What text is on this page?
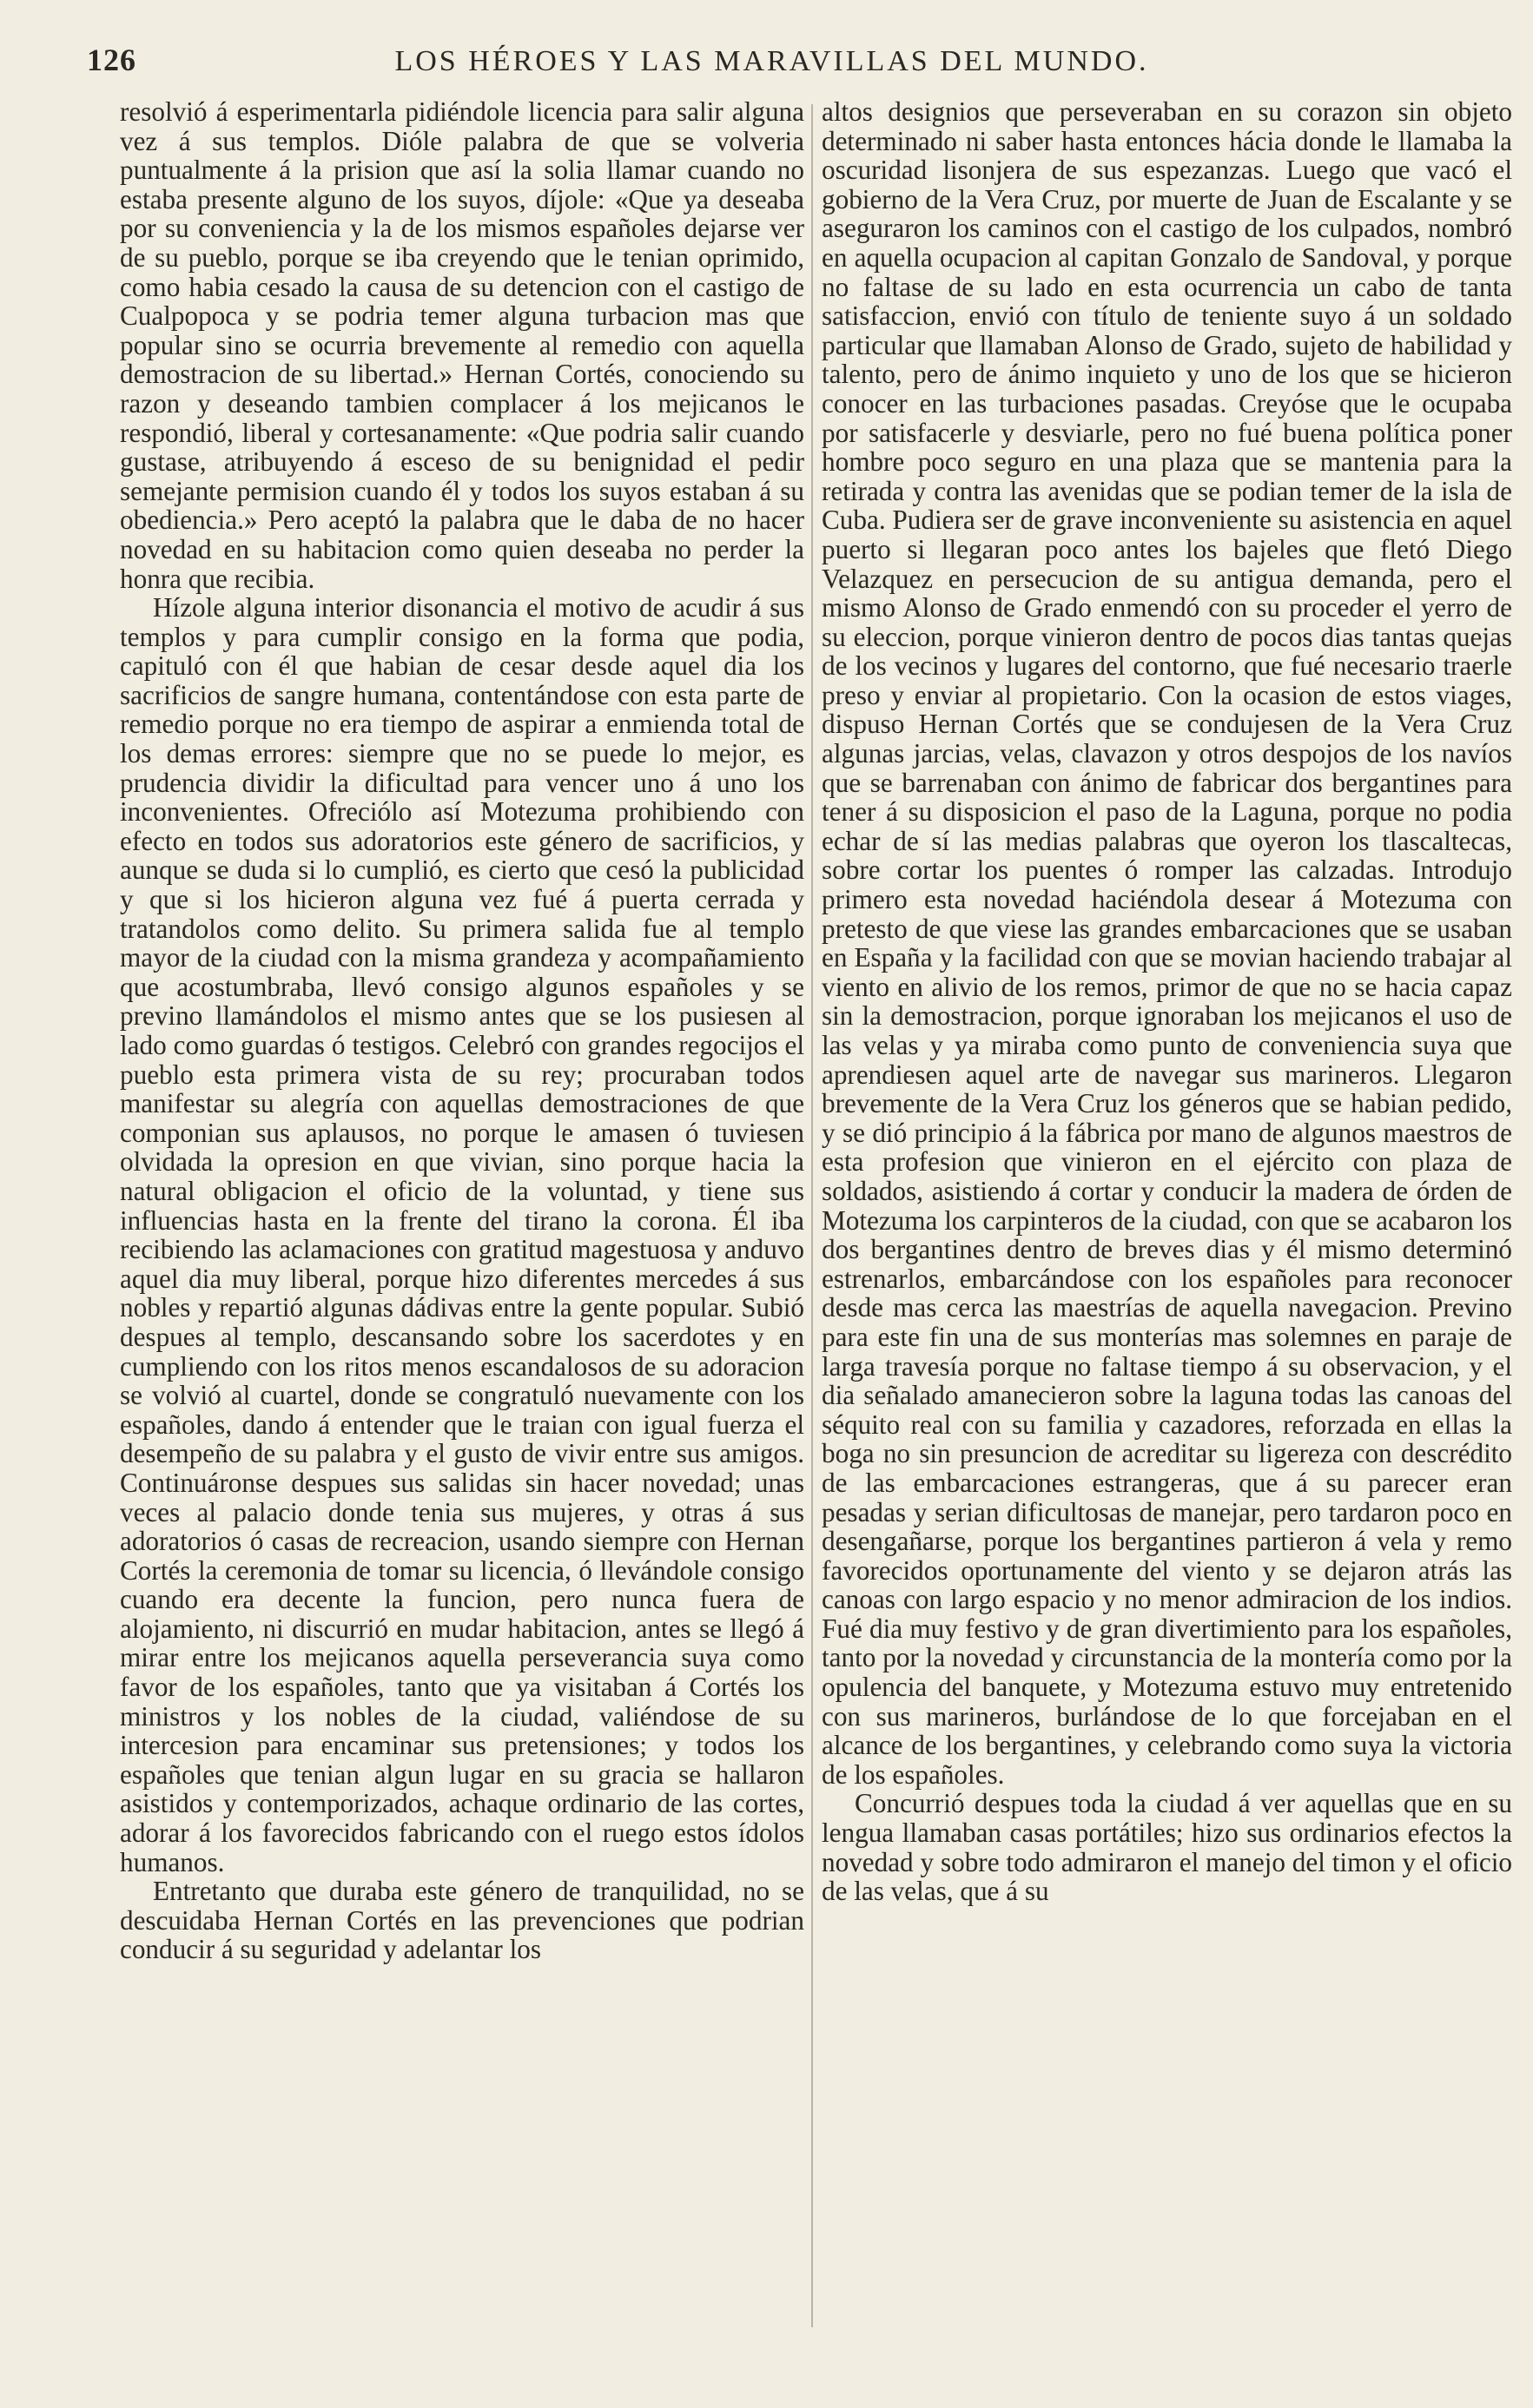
126	LOS HÉROES Y LAS MARAVILLAS DEL MUNDO.

resolvió á esperimentarla pidiéndole licencia para salir alguna vez á sus templos. Dióle palabra de que se volveria puntualmente á la prision que así la solia llamar cuando no estaba presente alguno de los suyos, díjole: «Que ya deseaba por su conveniencia y la de los mismos españoles dejarse ver de su pueblo, porque se iba creyendo que le tenian oprimido, como habia cesado la causa de su detencion con el castigo de Cualpopoca y se podria temer alguna turbacion mas que popular sino se ocurria brevemente al remedio con aquella demostracion de su libertad.» Hernan Cortés, conociendo su razon y deseando tambien complacer á los mejicanos le respondió, liberal y cortesanamente: «Que podria salir cuando gustase, atribuyendo á esceso de su benignidad el pedir semejante permision cuando él y todos los suyos estaban á su obediencia.» Pero aceptó la palabra que le daba de no hacer novedad en su habitacion como quien deseaba no perder la honra que recibia.

Hízole alguna interior disonancia el motivo de acudir á sus templos y para cumplir consigo en la forma que podia, capituló con él que habian de cesar desde aquel dia los sacrificios de sangre humana, contentándose con esta parte de remedio porque no era tiempo de aspirar a enmienda total de los demas errores: siempre que no se puede lo mejor, es prudencia dividir la dificultad para vencer uno á uno los inconvenientes. Ofreciólo así Motezuma prohibiendo con efecto en todos sus adoratorios este género de sacrificios, y aunque se duda si lo cumplió, es cierto que cesó la publicidad y que si los hicieron alguna vez fué á puerta cerrada y tratandolos como delito. Su primera salida fue al templo mayor de la ciudad con la misma grandeza y acompañamiento que acostumbraba, llevó consigo algunos españoles y se previno llamándolos el mismo antes que se los pusiesen al lado como guardas ó testigos. Celebró con grandes regocijos el pueblo esta primera vista de su rey; procuraban todos manifestar su alegría con aquellas demostraciones de que componian sus aplausos, no porque le amasen ó tuviesen olvidada la opresion en que vivian, sino porque hacia la natural obligacion el oficio de la voluntad, y tiene sus influencias hasta en la frente del tirano la corona. Él iba recibiendo las aclamaciones con gratitud magestuosa y anduvo aquel dia muy liberal, porque hizo diferentes mercedes á sus nobles y repartió algunas dádivas entre la gente popular. Subió despues al templo, descansando sobre los sacerdotes y en cumpliendo con los ritos menos escandalosos de su adoracion se volvió al cuartel, donde se congratuló nuevamente con los españoles, dando á entender que le traian con igual fuerza el desempeño de su palabra y el gusto de vivir entre sus amigos. Continuáronse despues sus salidas sin hacer novedad; unas veces al palacio donde tenia sus mujeres, y otras á sus adoratorios ó casas de recreacion, usando siempre con Hernan Cortés la ceremonia de tomar su licencia, ó llevándole consigo cuando era decente la funcion, pero nunca fuera de alojamiento, ni discurrió en mudar habitacion, antes se llegó á mirar entre los mejicanos aquella perseverancia suya como favor de los españoles, tanto que ya visitaban á Cortés los ministros y los nobles de la ciudad, valiéndose de su intercesion para encaminar sus pretensiones; y todos los españoles que tenian algun lugar en su gracia se hallaron asistidos y contemporizados, achaque ordinario de las cortes, adorar á los favorecidos fabricando con el ruego estos ídolos humanos.

Entretanto que duraba este género de tranquilidad, no se descuidaba Hernan Cortés en las prevenciones que podrian conducir á su seguridad y adelantar los

altos designios que perseveraban en su corazon sin objeto determinado ni saber hasta entonces hácia donde le llamaba la oscuridad lisonjera de sus espezanzas. Luego que vacó el gobierno de la Vera Cruz, por muerte de Juan de Escalante y se aseguraron los caminos con el castigo de los culpados, nombró en aquella ocupacion al capitan Gonzalo de Sandoval, y porque no faltase de su lado en esta ocurrencia un cabo de tanta satisfaccion, envió con título de teniente suyo á un soldado particular que llamaban Alonso de Grado, sujeto de habilidad y talento, pero de ánimo inquieto y uno de los que se hicieron conocer en las turbaciones pasadas. Creyóse que le ocupaba por satisfacerle y desviarle, pero no fué buena política poner hombre poco seguro en una plaza que se mantenia para la retirada y contra las avenidas que se podian temer de la isla de Cuba. Pudiera ser de grave inconveniente su asistencia en aquel puerto si llegaran poco antes los bajeles que fletó Diego Velazquez en persecucion de su antigua demanda, pero el mismo Alonso de Grado enmendó con su proceder el yerro de su eleccion, porque vinieron dentro de pocos dias tantas quejas de los vecinos y lugares del contorno, que fué necesario traerle preso y enviar al propietario. Con la ocasion de estos viages, dispuso Hernan Cortés que se condujesen de la Vera Cruz algunas jarcias, velas, clavazon y otros despojos de los navíos que se barrenaban con ánimo de fabricar dos bergantines para tener á su disposicion el paso de la Laguna, porque no podia echar de sí las medias palabras que oyeron los tlascaltecas, sobre cortar los puentes ó romper las calzadas. Introdujo primero esta novedad haciéndola desear á Motezuma con pretesto de que viese las grandes embarcaciones que se usaban en España y la facilidad con que se movian haciendo trabajar al viento en alivio de los remos, primor de que no se hacia capaz sin la demostracion, porque ignoraban los mejicanos el uso de las velas y ya miraba como punto de conveniencia suya que aprendiesen aquel arte de navegar sus marineros. Llegaron brevemente de la Vera Cruz los géneros que se habian pedido, y se dió principio á la fábrica por mano de algunos maestros de esta profesion que vinieron en el ejército con plaza de soldados, asistiendo á cortar y conducir la madera de órden de Motezuma los carpinteros de la ciudad, con que se acabaron los dos bergantines dentro de breves dias y él mismo determinó estrenarlos, embarcándose con los españoles para reconocer desde mas cerca las maestrías de aquella navegacion. Previno para este fin una de sus monterías mas solemnes en paraje de larga travesía porque no faltase tiempo á su observacion, y el dia señalado amanecieron sobre la laguna todas las canoas del séquito real con su familia y cazadores, reforzada en ellas la boga no sin presuncion de acreditar su ligereza con descrédito de las embarcaciones estrangeras, que á su parecer eran pesadas y serian dificultosas de manejar, pero tardaron poco en desengañarse, porque los bergantines partieron á vela y remo favorecidos oportunamente del viento y se dejaron atrás las canoas con largo espacio y no menor admiracion de los indios. Fué dia muy festivo y de gran divertimiento para los españoles, tanto por la novedad y circunstancia de la montería como por la opulencia del banquete, y Motezuma estuvo muy entretenido con sus marineros, burlándose de lo que forcejaban en el alcance de los bergantines, y celebrando como suya la victoria de los españoles.

Concurrió despues toda la ciudad á ver aquellas que en su lengua llamaban casas portátiles; hizo sus ordinarios efectos la novedad y sobre todo admiraron el manejo del timon y el oficio de las velas, que á su
